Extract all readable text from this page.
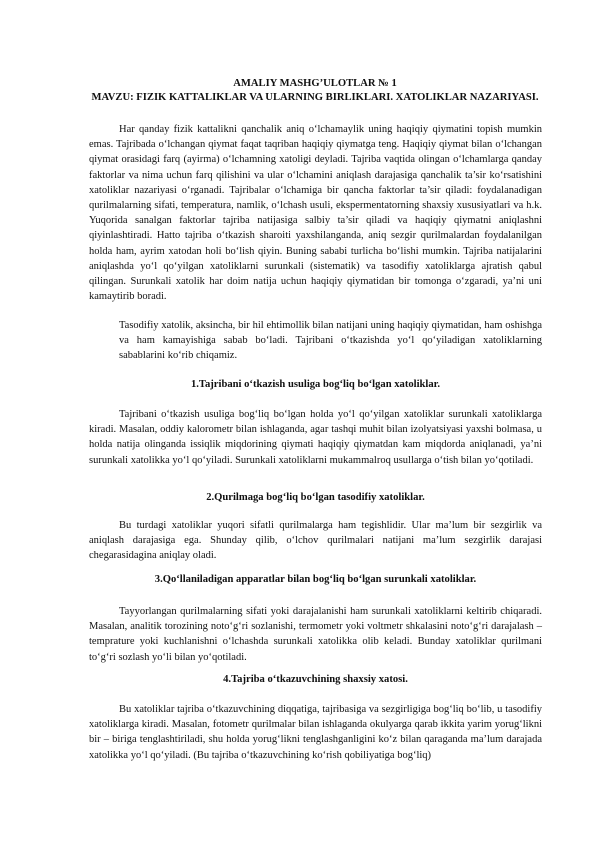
AMALIY MASHG’ULOTLAR № 1
MAVZU: FIZIK KATTALIKLAR VA ULARNING BIRLIKLARI. XATOLIKLAR NAZARIYASI.

Har qanday fizik kattalikni qanchalik aniq o‘lchamaylik uning haqiqiy qiymatini topish mumkin emas. Tajribada o‘lchangan qiymat faqat taqriban haqiqiy qiymatga teng. Haqiqiy qiymat bilan o‘lchangan qiymat orasidagi farq (ayirma) o‘lchamning xatoligi deyladi. Tajriba vaqtida olingan o‘lchamlarga qanday faktorlar va nima uchun farq qilishini va ular o‘lchamini aniqlash darajasiga qanchalik ta’sir ko‘rsatishini xatoliklar nazariyasi o‘rganadi. Tajribalar o‘lchamiga bir qancha faktorlar ta’sir qiladi: foydalanadigan qurilmalarning sifati, temperatura, namlik, o‘lchash usuli, ekspermentatorning shaxsiy xususiyatlari va h.k. Yuqorida sanalgan faktorlar tajriba natijasiga salbiy ta’sir qiladi va haqiqiy qiymatni aniqlashni qiyinlashtiradi. Hatto tajriba o‘tkazish sharoiti yaxshilanganda, aniq sezgir qurilmalardan foydalanilgan holda ham, ayrim xatodan holi bo‘lish qiyin. Buning sababi turlicha bo‘lishi mumkin. Tajriba natijalarini aniqlashda yo‘l qo‘yilgan xatoliklarni surunkali (sistematik) va tasodifiy xatoliklarga ajratish qabul qilingan. Surunkali xatolik har doim natija uchun haqiqiy qiymatidan bir tomonga o‘zgaradi, ya’ni uni kamaytirib boradi.

Tasodifiy xatolik, aksincha, bir hil ehtimollik bilan natijani uning haqiqiy qiymatidan, ham oshishga va ham kamayishiga sabab bo‘ladi. Tajribani o‘tkazishda yo‘l qo‘yiladigan xatoliklarning sabablarini ko‘rib chiqamiz.

1.Tajribani o‘tkazish usuliga bog‘liq bo‘lgan xatoliklar.

Tajribani o‘tkazish usuliga bog‘liq bo‘lgan holda yo‘l qo‘yilgan xatoliklar surunkali xatoliklarga kiradi. Masalan, oddiy kalorometr bilan ishlaganda, agar tashqi muhit bilan izolyatsiyasi yaxshi bolmasa, u holda natija olinganda issiqlik miqdorining qiymati haqiqiy qiymatdan kam miqdorda aniqlanadi, ya’ni surunkali xatolikka yo‘l qo‘yiladi. Surunkali xatoliklarni mukammalroq usullarga o‘tish bilan yo‘qotiladi.

2.Qurilmaga bog‘liq bo‘lgan tasodifiy xatoliklar.

Bu turdagi xatoliklar yuqori sifatli qurilmalarga ham tegishlidir. Ular ma’lum bir sezgirlik va aniqlash darajasiga ega. Shunday qilib, o‘lchov qurilmalari natijani ma’lum sezgirlik darajasi chegarasidagina aniqlay oladi.

3.Qo‘llaniladigan apparatlar bilan bog‘liq bo‘lgan surunkali xatoliklar.

Tayyorlangan qurilmalarning sifati yoki darajalanishi ham surunkali xatoliklarni keltirib chiqaradi. Masalan, analitik torozining noto‘g‘ri sozlanishi, termometr yoki voltmetr shkalasini noto‘g‘ri darajalash – temprature yoki kuchlanishni o‘lchashda surunkali xatolikka olib keladi. Bunday xatoliklar qurilmani to‘g‘ri sozlash yo‘li bilan yo‘qotiladi.

4.Tajriba o‘tkazuvchining shaxsiy xatosi.

Bu xatoliklar tajriba o‘tkazuvchining diqqatiga, tajribasiga va sezgirligiga bog‘liq bo‘lib, u tasodifiy xatoliklarga kiradi. Masalan, fotometr qurilmalar bilan ishlaganda okulyarga qarab ikkita yarim yorug‘likni bir – biriga tenglashtiriladi, shu holda yorug‘likni tenglashganligini ko‘z bilan qaraganda ma’lum darajada xatolikka yo‘l qo‘yiladi. (Bu tajriba o‘tkazuvchining ko‘rish qobiliyatiga bog‘liq)
